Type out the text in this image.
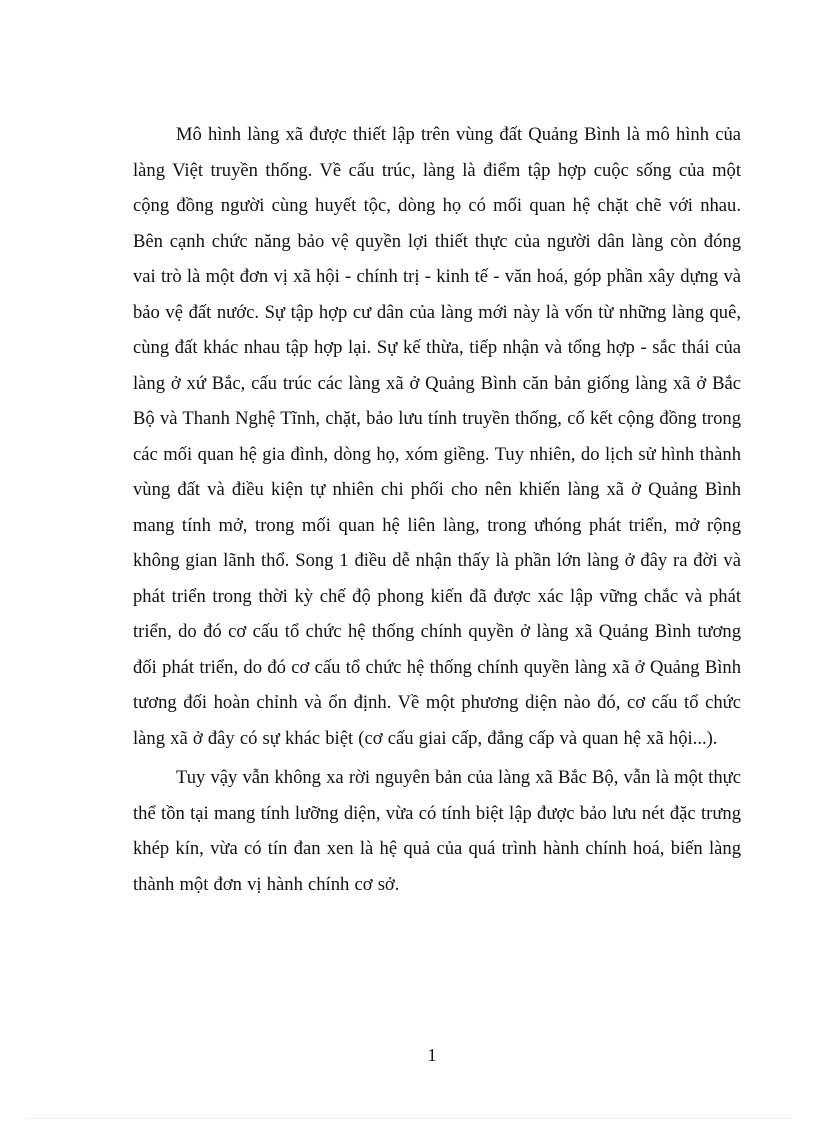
Mô hình làng xã được thiết lập trên vùng đất Quảng Bình là mô hình của làng Việt truyền thống. Về cấu trúc, làng là điểm tập hợp cuộc sống của một cộng đồng người cùng huyết tộc, dòng họ có mối quan hệ chặt chẽ với nhau. Bên cạnh chức năng bảo vệ quyền lợi thiết thực của người dân làng còn đóng vai trò là một đơn vị xã hội - chính trị - kinh tế - văn hoá, góp phần xây dựng và bảo vệ đất nước. Sự tập hợp cư dân của làng mới này là vốn từ những làng quê, cùng đất khác nhau tập hợp lại. Sự kế thừa, tiếp nhận và tổng hợp - sắc thái của làng ở xứ Bắc, cấu trúc các làng xã ở Quảng Bình căn bản giống làng xã ở Bắc Bộ và Thanh Nghệ Tĩnh, chặt, bảo lưu tính truyền thống, cố kết cộng đồng trong các mối quan hệ gia đình, dòng họ, xóm giềng. Tuy nhiên, do lịch sử hình thành vùng đất và điều kiện tự nhiên chi phối cho nên khiến làng xã ở Quảng Bình mang tính mở, trong mối quan hệ liên làng, trong ưhóng phát triển, mở rộng không gian lãnh thổ. Song 1 điều dễ nhận thấy là phần lớn làng ở đây ra đời và phát triển trong thời kỳ chế độ phong kiến đã được xác lập vững chắc và phát triển, do đó cơ cấu tổ chức hệ thống chính quyền ở làng xã Quảng Bình tương đối phát triển, do đó cơ cấu tổ chức hệ thống chính quyền làng xã ở Quảng Bình tương đối hoàn chỉnh và ổn định. Về một phương diện nào đó, cơ cấu tổ chức làng xã ở đây có sự khác biệt (cơ cấu giai cấp, đẳng cấp và quan hệ xã hội...).

Tuy vậy vẫn không xa rời nguyên bản của làng xã Bắc Bộ, vẫn là một thực thể tồn tại mang tính lưỡng diện, vừa có tính biệt lập được bảo lưu nét đặc trưng khép kín, vừa có tín đan xen là hệ quả của quá trình hành chính hoá, biến làng thành một đơn vị hành chính cơ sở.

1
